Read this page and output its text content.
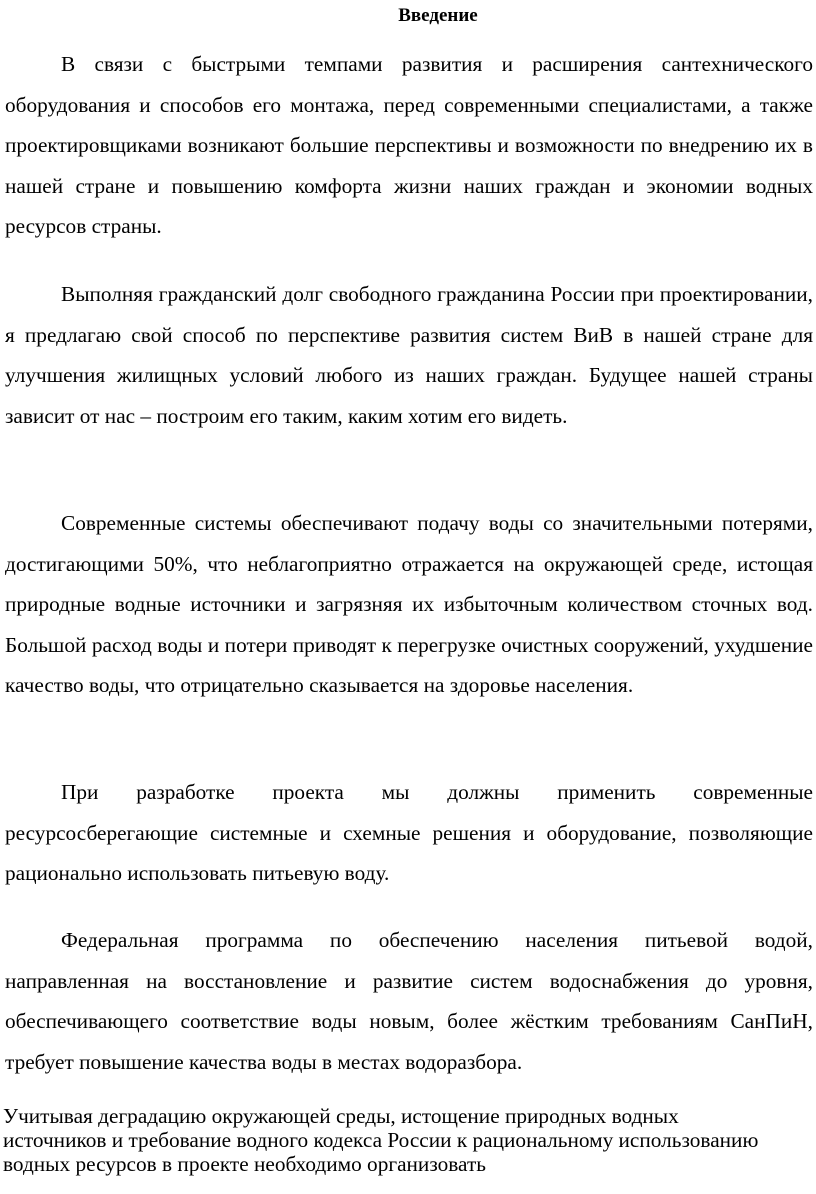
Введение

В связи с быстрыми темпами развития и расширения сантехнического оборудования и способов его монтажа, перед современными специалистами, а также проектировщиками возникают большие перспективы и возможности по внедрению их в нашей стране и повышению комфорта жизни наших граждан и экономии водных ресурсов страны.

Выполняя гражданский долг свободного гражданина России при проектировании, я предлагаю свой способ по перспективе развития систем ВиВ в нашей стране для улучшения жилищных условий любого из наших граждан. Будущее нашей страны зависит от нас – построим его таким, каким хотим его видеть.

Современные системы обеспечивают подачу воды со значительными потерями, достигающими 50%, что неблагоприятно отражается на окружающей среде, истощая природные водные источники и загрязняя их избыточным количеством сточных вод. Большой расход воды и потери приводят к перегрузке очистных сооружений, ухудшение качество воды, что отрицательно сказывается на здоровье населения.

При разработке проекта мы должны применить современные ресурсосберегающие системные и схемные решения и оборудование, позволяющие рационально использовать питьевую воду.

Федеральная программа по обеспечению населения питьевой водой, направленная на восстановление и развитие систем водоснабжения до уровня, обеспечивающего соответствие воды новым, более жёстким требованиям СанПиН, требует повышение качества воды в местах водоразбора.

Учитывая деградацию окружающей среды, истощение природных водных источников и требование водного кодекса России к рациональному использованию водных ресурсов в проекте необходимо организовать
